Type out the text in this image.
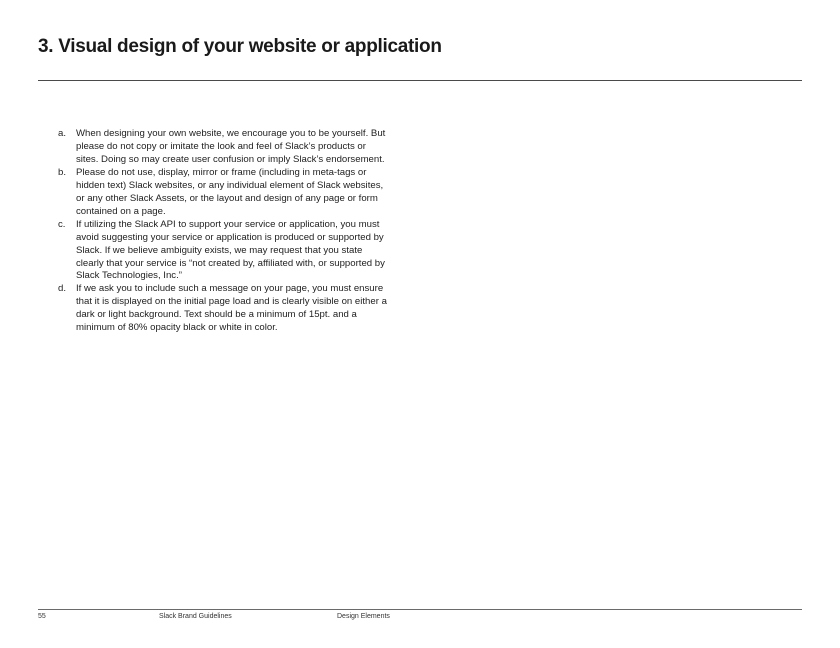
3. Visual design of your website or application
a. When designing your own website, we encourage you to be yourself. But please do not copy or imitate the look and feel of Slack’s products or sites. Doing so may create user confusion or imply Slack’s endorsement.
b. Please do not use, display, mirror or frame (including in meta-tags or hidden text) Slack websites, or any individual element of Slack websites, or any other Slack Assets, or the layout and design of any page or form contained on a page.
c. If utilizing the Slack API to support your service or application, you must avoid suggesting your service or application is produced or supported by Slack. If we believe ambiguity exists, we may request that you state clearly that your service is “not created by, affiliated with, or supported by Slack Technologies, Inc.”
d. If we ask you to include such a message on your page, you must ensure that it is displayed on the initial page load and is clearly visible on either a dark or light background. Text should be a minimum of 15pt. and a minimum of 80% opacity black or white in color.
55	Slack Brand Guidelines	Design Elements
